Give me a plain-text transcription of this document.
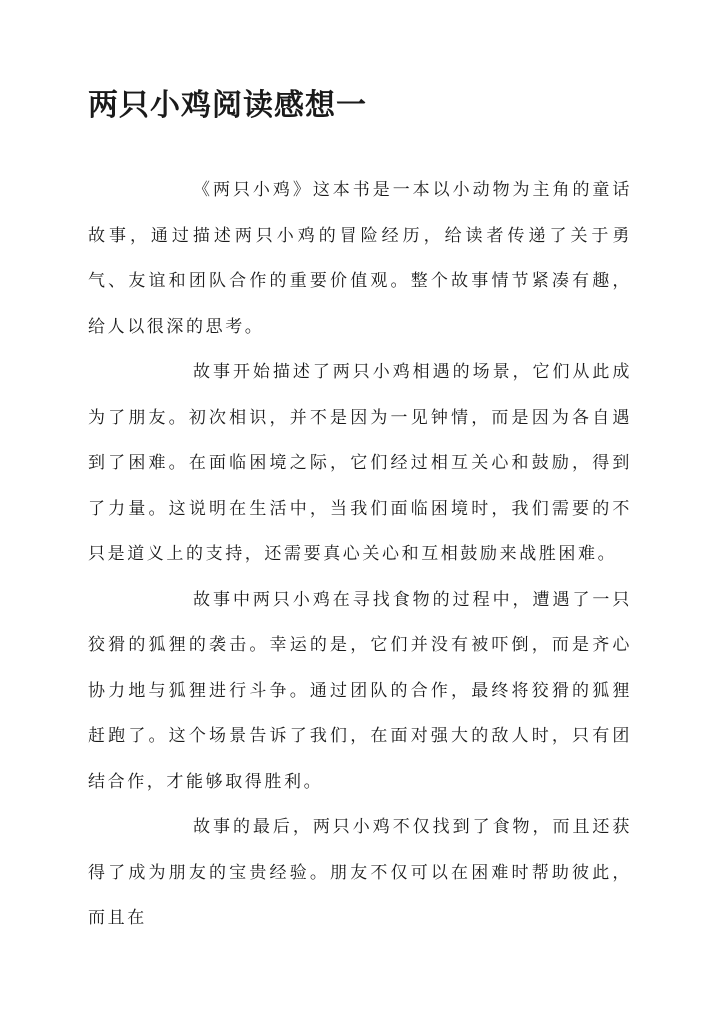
两只小鸡阅读感想一

《两只小鸡》这本书是一本以小动物为主角的童话故事，通过描述两只小鸡的冒险经历，给读者传递了关于勇气、友谊和团队合作的重要价值观。整个故事情节紧凑有趣，给人以很深的思考。

故事开始描述了两只小鸡相遇的场景，它们从此成为了朋友。初次相识，并不是因为一见钟情，而是因为各自遇到了困难。在面临困境之际，它们经过相互关心和鼓励，得到了力量。这说明在生活中，当我们面临困境时，我们需要的不只是道义上的支持，还需要真心关心和互相鼓励来战胜困难。

故事中两只小鸡在寻找食物的过程中，遭遇了一只狡猾的狐狸的袭击。幸运的是，它们并没有被吓倒，而是齐心协力地与狐狸进行斗争。通过团队的合作，最终将狡猾的狐狸赶跑了。这个场景告诉了我们，在面对强大的敌人时，只有团结合作，才能够取得胜利。

故事的最后，两只小鸡不仅找到了食物，而且还获得了成为朋友的宝贵经验。朋友不仅可以在困难时帮助彼此，而且在
